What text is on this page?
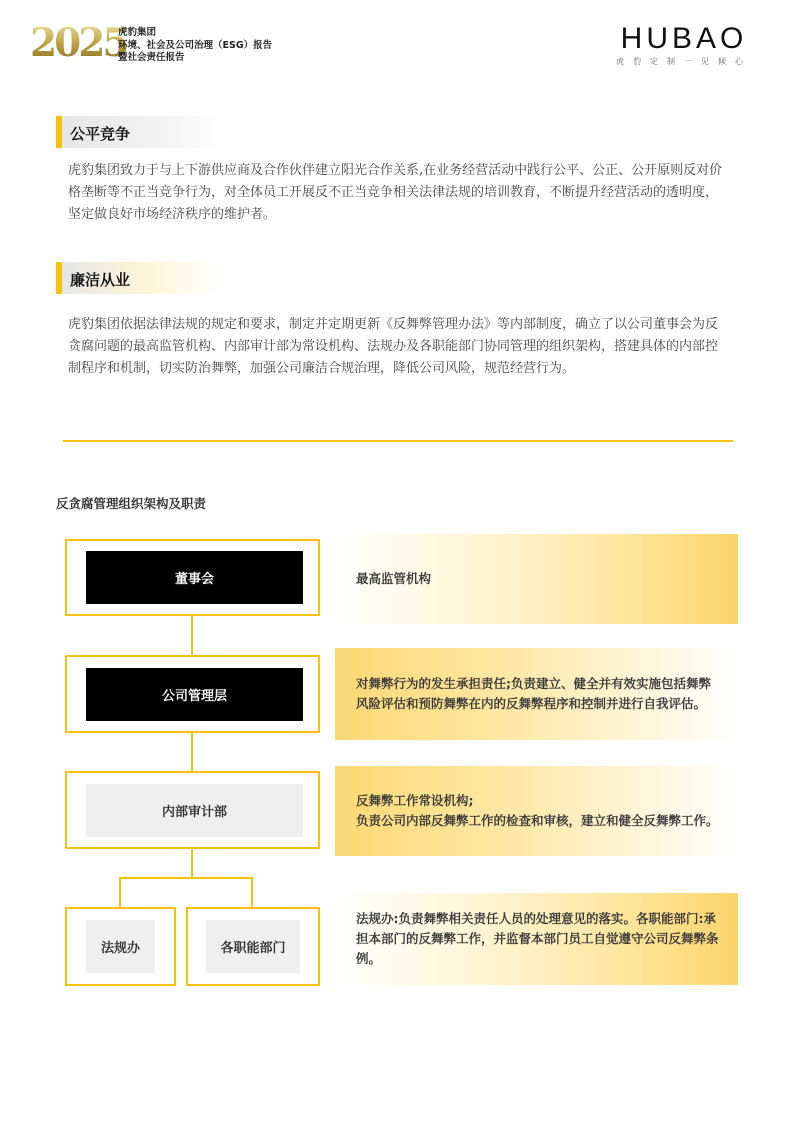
2025
虎豹集团
环境、社会及公司治理（ESG）报告
暨社会责任报告
HUBAO
虎豹定制一见倾心
公平竞争
虎豹集团致力于与上下游供应商及合作伙伴建立阳光合作关系,在业务经营活动中践行公平、公正、公开原则反对价格垄断等不正当竞争行为，对全体员工开展反不正当竞争相关法律法规的培训教育，不断提升经营活动的透明度，坚定做良好市场经济秩序的维护者。
廉洁从业
虎豹集团依据法律法规的规定和要求，制定并定期更新《反舞弊管理办法》等内部制度，确立了以公司董事会为反贪腐问题的最高监管机构、内部审计部为常设机构、法规办及各职能部门协同管理的组织架构，搭建具体的内部控制程序和机制，切实防治舞弊，加强公司廉洁合规治理，降低公司风险，规范经营行为。
反贪腐管理组织架构及职责
董事会	最高监管机构
公司管理层
对舞弊行为的发生承担责任;负责建立、健全并有效实施包括舞弊风险评估和预防舞弊在内的反舞弊程序和控制并进行自我评估。
内部审计部
反舞弊工作常设机构;
负责公司内部反舞弊工作的检查和审核，建立和健全反舞弊工作。
法规办	各职能部门
法规办:负责舞弊相关责任人员的处理意见的落实。各职能部门:承担本部门的反舞弊工作，并监督本部门员工自觉遵守公司反舞弊条例。
